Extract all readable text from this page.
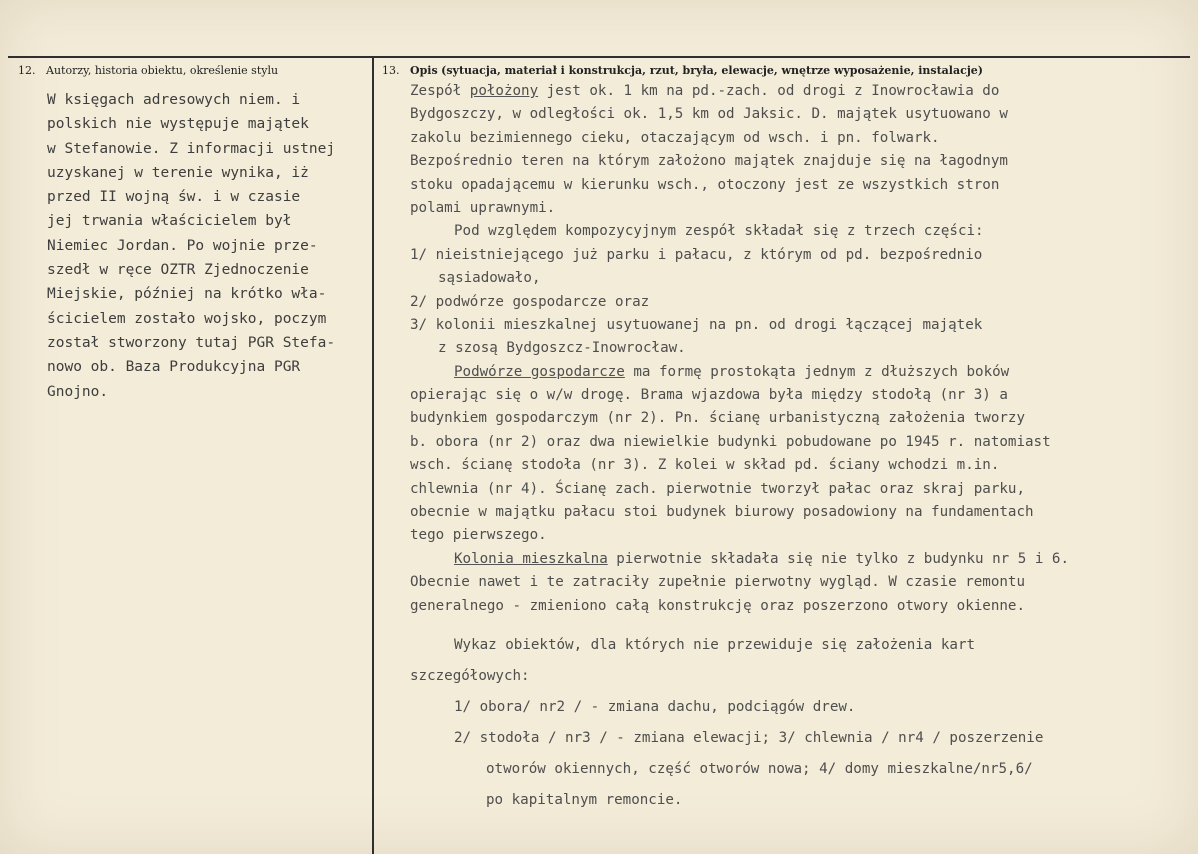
12. Autorzy, historia obiektu, określenie stylu	13. Opis (sytuacja, materiał i konstrukcja, rzut, bryła, elewacje, wnętrze wyposażenie, instalacje)
W księgach adresowych niem. i
polskich nie występuje majątek
w Stefanowie. Z informacji ustnej
uzyskanej w terenie wynika, iż
przed II wojną św. i w czasie
jej trwania właścicielem był
Niemiec Jordan. Po wojnie prze-
szedł w ręce OZTR Zjednoczenie
Miejskie, później na krótko wła-
ścicielem zostało wojsko, poczym
został stworzony tutaj PGR Stefa-
nowo ob. Baza Produkcyjna PGR
Gnojno.
Zespół położony jest ok. 1 km na pd.-zach. od drogi z Inowrocławia do
Bydgoszczy, w odległości ok. 1,5 km od Jaksic. D. majątek usytuowano w
zakolu bezimiennego cieku, otaczającym od wsch. i pn. folwark.
Bezpośrednio teren na którym założono majątek znajduje się na łagodnym
stoku opadającemu w kierunku wsch., otoczony jest ze wszystkich stron
polami uprawnymi.
Pod względem kompozycyjnym zespół składał się z trzech części:
1/ nieistniejącego już parku i pałacu, z którym od pd. bezpośrednio
sąsiadowało,
2/ podwórze gospodarcze oraz
3/ kolonii mieszkalnej usytuowanej na pn. od drogi łączącej majątek
z szosą Bydgoszcz-Inowrocław.
Podwórze gospodarcze ma formę prostokąta jednym z dłuższych boków
opierając się o w/w drogę. Brama wjazdowa była między stodołą (nr 3) a
budynkiem gospodarczym (nr 2). Pn. ścianę urbanistyczną założenia tworzy
b. obora (nr 2) oraz dwa niewielkie budynki pobudowane po 1945 r. natomiast
wsch. ścianę stodoła (nr 3). Z kolei w skład pd. ściany wchodzi m.in.
chlewnia (nr 4). Ścianę zach. pierwotnie tworzył pałac oraz skraj parku,
obecnie w majątku pałacu stoi budynek biurowy posadowiony na fundamentach
tego pierwszego.
Kolonia mieszkalna pierwotnie składała się nie tylko z budynku nr 5 i 6.
Obecnie nawet i te zatraciły zupełnie pierwotny wygląd. W czasie remontu
generalnego - zmieniono całą konstrukcję oraz poszerzono otwory okienne.
Wykaz obiektów, dla których nie przewiduje się założenia kart
szczegółowych:
1/ obora/ nr2 / - zmiana dachu, podciągów drew.
2/ stodoła / nr3 / - zmiana elewacji; 3/ chlewnia / nr4 / poszerzenie
otworów okiennych, część otworów nowa; 4/ domy mieszkalne/nr5,6/
po kapitalnym remoncie.
